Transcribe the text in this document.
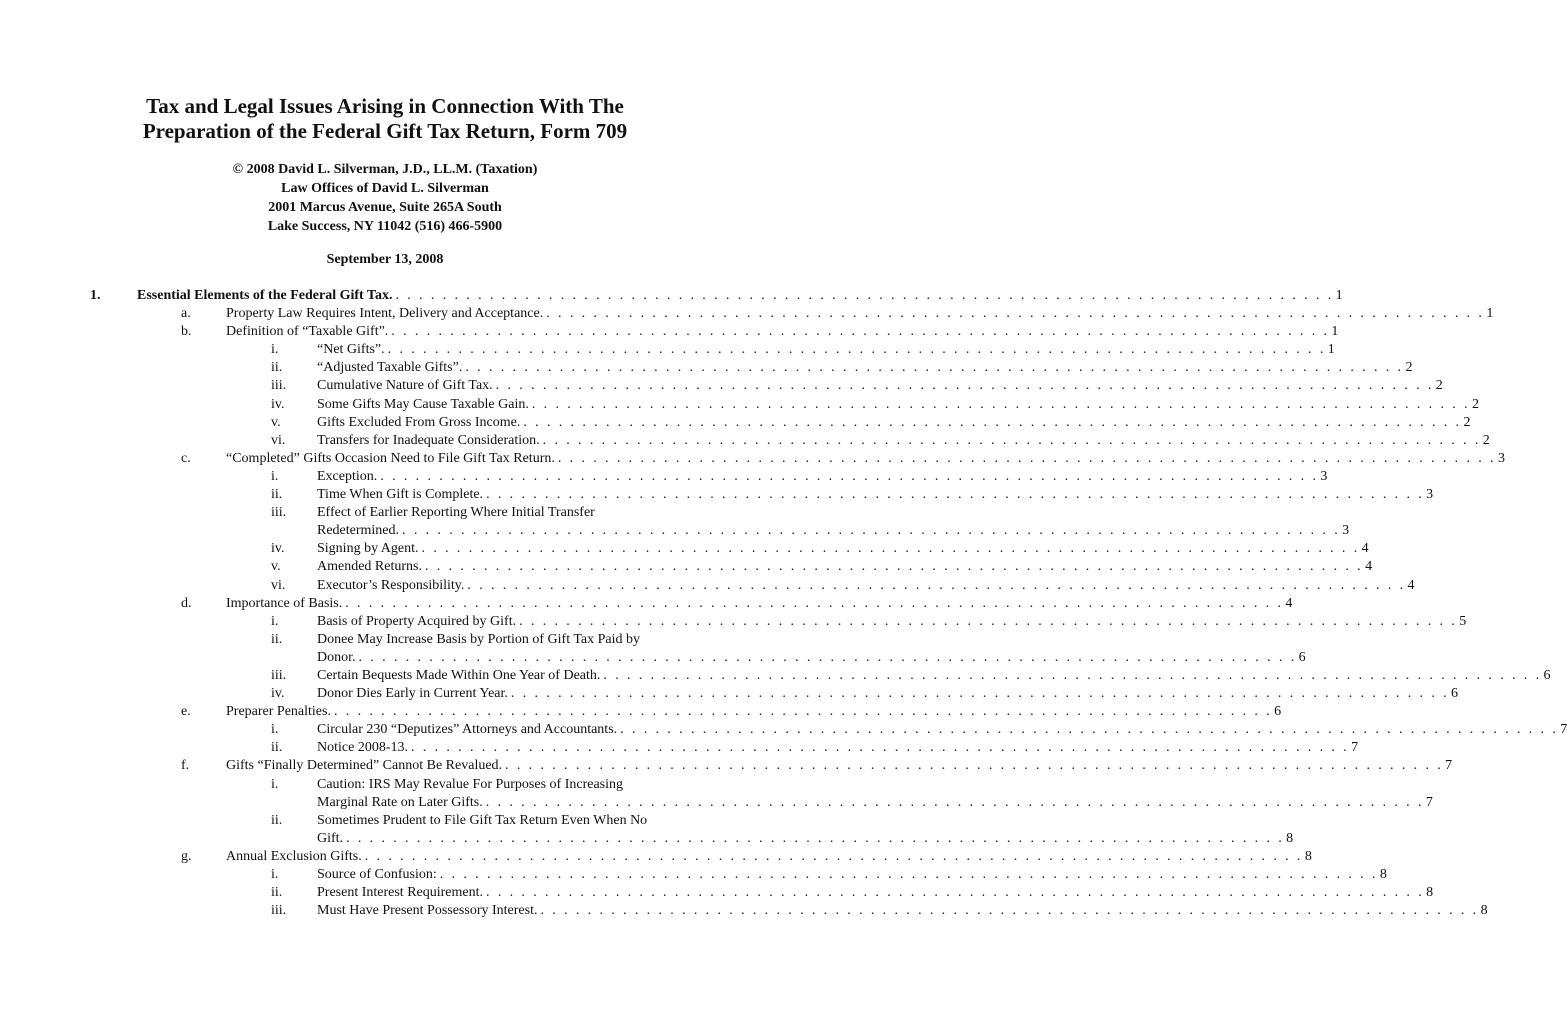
Tax and Legal Issues Arising in Connection With The
Preparation of the Federal Gift Tax Return, Form 709
© 2008 David L. Silverman, J.D., LL.M. (Taxation)
Law Offices of David L. Silverman
2001 Marcus Avenue, Suite 265A South
Lake Success, NY 11042 (516) 466-5900
September 13, 2008
1.	Essential Elements of the Federal Gift Tax. . . . . . . . . . . . . . . . . . . . . . . . . . . . . . . . . . . . . . . . . . . . . . . . . . . . . . . . . . . . . . . . . . . . . . . . . . . . . . . . . 1
a.	Property Law Requires Intent, Delivery and Acceptance. . . . . . . . . . . . . . . . . . . . . . . . . . . . . . . . . . . . . . . . . . . . . . . . . . . . . . . . . . . . . . . . . . . . . . . . . . . . . . . . . 1
b. Definition of “Taxable Gift”. . . . . . . . . . . . . . . . . . . . . . . . . . . . . . . . . . . . . . . . . . . . . . . . . . . . . . . . . . . . . . . . . . . . . . . . . . . . . . . . . 1
i.	“Net Gifts”. . . . . . . . . . . . . . . . . . . . . . . . . . . . . . . . . . . . . . . . . . . . . . . . . . . . . . . . . . . . . . . . . . . . . . . . . . . . . . . . . 1
ii. “Adjusted Taxable Gifts”. . . . . . . . . . . . . . . . . . . . . . . . . . . . . . . . . . . . . . . . . . . . . . . . . . . . . . . . . . . . . . . . . . . . . . . . . . . . . . . . . 2
iii. Cumulative Nature of Gift Tax. . . . . . . . . . . . . . . . . . . . . . . . . . . . . . . . . . . . . . . . . . . . . . . . . . . . . . . . . . . . . . . . . . . . . . . . . . . . . . . . . 2
iv. Some Gifts May Cause Taxable Gain. . . . . . . . . . . . . . . . . . . . . . . . . . . . . . . . . . . . . . . . . . . . . . . . . . . . . . . . . . . . . . . . . . . . . . . . . . . . . . . . . 2
v.	Gifts Excluded From Gross Income. . . . . . . . . . . . . . . . . . . . . . . . . . . . . . . . . . . . . . . . . . . . . . . . . . . . . . . . . . . . . . . . . . . . . . . . . . . . . . . . . 2
vi. Transfers for Inadequate Consideration. . . . . . . . . . . . . . . . . . . . . . . . . . . . . . . . . . . . . . . . . . . . . . . . . . . . . . . . . . . . . . . . . . . . . . . . . . . . . . . . . 2
c.	“Completed” Gifts Occasion Need to File Gift Tax Return. . . . . . . . . . . . . . . . . . . . . . . . . . . . . . . . . . . . . . . . . . . . . . . . . . . . . . . . . . . . . . . . . . . . . . . . . . . . . . . . . 3
i.	Exception. . . . . . . . . . . . . . . . . . . . . . . . . . . . . . . . . . . . . . . . . . . . . . . . . . . . . . . . . . . . . . . . . . . . . . . . . . . . . . . . . 3
ii. Time When Gift is Complete. . . . . . . . . . . . . . . . . . . . . . . . . . . . . . . . . . . . . . . . . . . . . . . . . . . . . . . . . . . . . . . . . . . . . . . . . . . . . . . . . 3
iii. Effect of Earlier Reporting Where Initial Transfer
Redetermined. . . . . . . . . . . . . . . . . . . . . . . . . . . . . . . . . . . . . . . . . . . . . . . . . . . . . . . . . . . . . . . . . . . . . . . . . . . . . . . . . 3
iv. Signing by Agent. . . . . . . . . . . . . . . . . . . . . . . . . . . . . . . . . . . . . . . . . . . . . . . . . . . . . . . . . . . . . . . . . . . . . . . . . . . . . . . . . 4
v.	Amended Returns. . . . . . . . . . . . . . . . . . . . . . . . . . . . . . . . . . . . . . . . . . . . . . . . . . . . . . . . . . . . . . . . . . . . . . . . . . . . . . . . . 4
vi. Executor’s Responsibility. . . . . . . . . . . . . . . . . . . . . . . . . . . . . . . . . . . . . . . . . . . . . . . . . . . . . . . . . . . . . . . . . . . . . . . . . . . . . . . . . 4
d. Importance of Basis. . . . . . . . . . . . . . . . . . . . . . . . . . . . . . . . . . . . . . . . . . . . . . . . . . . . . . . . . . . . . . . . . . . . . . . . . . . . . . . . . 4
i.	Basis of Property Acquired by Gift. . . . . . . . . . . . . . . . . . . . . . . . . . . . . . . . . . . . . . . . . . . . . . . . . . . . . . . . . . . . . . . . . . . . . . . . . . . . . . . . . 5
ii. Donee May Increase Basis by Portion of Gift Tax Paid by
Donor. . . . . . . . . . . . . . . . . . . . . . . . . . . . . . . . . . . . . . . . . . . . . . . . . . . . . . . . . . . . . . . . . . . . . . . . . . . . . . . . . 6
iii. Certain Bequests Made Within One Year of Death. . . . . . . . . . . . . . . . . . . . . . . . . . . . . . . . . . . . . . . . . . . . . . . . . . . . . . . . . . . . . . . . . . . . . . . . . . . . . . . . . 6
iv. Donor Dies Early in Current Year. . . . . . . . . . . . . . . . . . . . . . . . . . . . . . . . . . . . . . . . . . . . . . . . . . . . . . . . . . . . . . . . . . . . . . . . . . . . . . . . . 6
e.	Preparer Penalties. . . . . . . . . . . . . . . . . . . . . . . . . . . . . . . . . . . . . . . . . . . . . . . . . . . . . . . . . . . . . . . . . . . . . . . . . . . . . . . . . 6
i.	Circular 230 “Deputizes” Attorneys and Accountants. . . . . . . . . . . . . . . . . . . . . . . . . . . . . . . . . . . . . . . . . . . . . . . . . . . . . . . . . . . . . . . . . . . . . . . . . . . . . . . . . 7
ii. Notice 2008-13. . . . . . . . . . . . . . . . . . . . . . . . . . . . . . . . . . . . . . . . . . . . . . . . . . . . . . . . . . . . . . . . . . . . . . . . . . . . . . . . . 7
f.	Gifts “Finally Determined” Cannot Be Revalued. . . . . . . . . . . . . . . . . . . . . . . . . . . . . . . . . . . . . . . . . . . . . . . . . . . . . . . . . . . . . . . . . . . . . . . . . . . . . . . . . 7
i.	Caution: IRS May Revalue For Purposes of Increasing
Marginal Rate on Later Gifts. . . . . . . . . . . . . . . . . . . . . . . . . . . . . . . . . . . . . . . . . . . . . . . . . . . . . . . . . . . . . . . . . . . . . . . . . . . . . . . . . 7
ii. Sometimes Prudent to File Gift Tax Return Even When No
Gift. . . . . . . . . . . . . . . . . . . . . . . . . . . . . . . . . . . . . . . . . . . . . . . . . . . . . . . . . . . . . . . . . . . . . . . . . . . . . . . . . 8
g. Annual Exclusion Gifts. . . . . . . . . . . . . . . . . . . . . . . . . . . . . . . . . . . . . . . . . . . . . . . . . . . . . . . . . . . . . . . . . . . . . . . . . . . . . . . . . 8
i.	Source of Confusion: . . . . . . . . . . . . . . . . . . . . . . . . . . . . . . . . . . . . . . . . . . . . . . . . . . . . . . . . . . . . . . . . . . . . . . . . . . . . . . . . 8
ii. Present Interest Requirement. . . . . . . . . . . . . . . . . . . . . . . . . . . . . . . . . . . . . . . . . . . . . . . . . . . . . . . . . . . . . . . . . . . . . . . . . . . . . . . . . 8
iii. Must Have Present Possessory Interest. . . . . . . . . . . . . . . . . . . . . . . . . . . . . . . . . . . . . . . . . . . . . . . . . . . . . . . . . . . . . . . . . . . . . . . . . . . . . . . . . 8
